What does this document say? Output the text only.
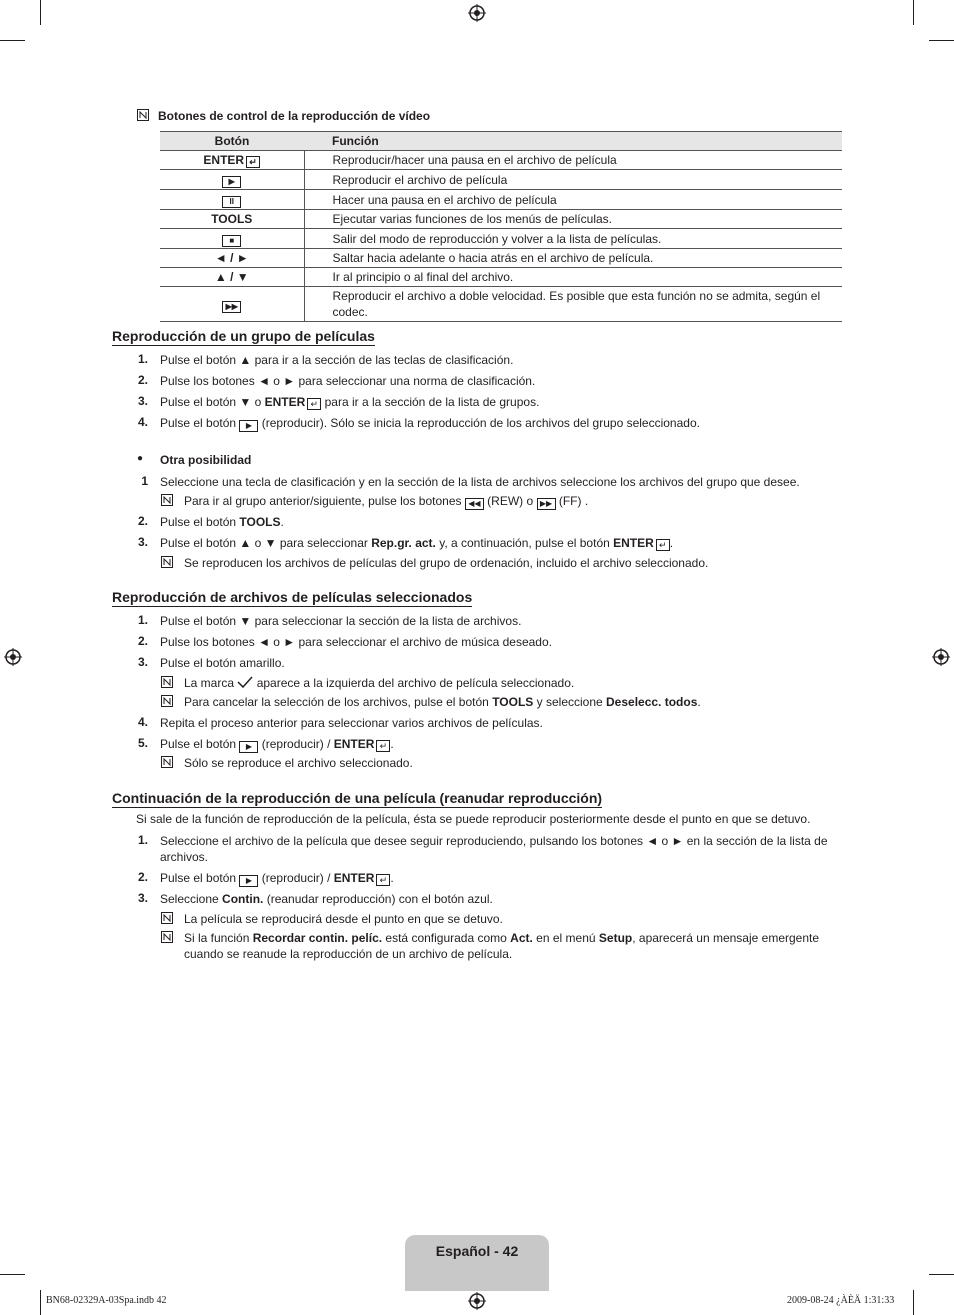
Botones de control de la reproducción de vídeo
Botón	Función
ENTER ↵	Reproducir/hacer una pausa en el archivo de película
▶	Reproducir el archivo de película
II	Hacer una pausa en el archivo de película
TOOLS	Ejecutar varias funciones de los menús de películas.
■	Salir del modo de reproducción y volver a la lista de películas.
◄ / ►	Saltar hacia adelante o hacia atrás en el archivo de película.
▲ / ▼	Ir al principio o al final del archivo.
▶▶	Reproducir el archivo a doble velocidad. Es posible que esta función no se admita, según el codec.
Reproducción de un grupo de películas
1. Pulse el botón ▲ para ir a la sección de las teclas de clasificación.
2. Pulse los botones ◄ o ► para seleccionar una norma de clasificación.
3. Pulse el botón ▼ o ENTER ↵ para ir a la sección de la lista de grupos.
4. Pulse el botón ▶ (reproducir). Sólo se inicia la reproducción de los archivos del grupo seleccionado.
● Otra posibilidad
1 Seleccione una tecla de clasificación y en la sección de la lista de archivos seleccione los archivos del grupo que desee.
Para ir al grupo anterior/siguiente, pulse los botones ◀◀ (REW) o ▶▶ (FF) .
2. Pulse el botón TOOLS.
3. Pulse el botón ▲ o ▼ para seleccionar Rep.gr. act. y, a continuación, pulse el botón ENTER ↵ .
Se reproducen los archivos de películas del grupo de ordenación, incluido el archivo seleccionado.
Reproducción de archivos de películas seleccionados
1. Pulse el botón ▼ para seleccionar la sección de la lista de archivos.
2. Pulse los botones ◄ o ► para seleccionar el archivo de música deseado.
3. Pulse el botón amarillo.
La marca  aparece a la izquierda del archivo de película seleccionado.
Para cancelar la selección de los archivos, pulse el botón TOOLS y seleccione Deselecc. todos.
4. Repita el proceso anterior para seleccionar varios archivos de películas.
5. Pulse el botón ▶ (reproducir) / ENTER ↵ .
Sólo se reproduce el archivo seleccionado.
Continuación de la reproducción de una película (reanudar reproducción)
Si sale de la función de reproducción de la película, ésta se puede reproducir posteriormente desde el punto en que se detuvo.
1. Seleccione el archivo de la película que desee seguir reproduciendo, pulsando los botones ◄ o ► en la sección de la lista de archivos.
2. Pulse el botón ▶ (reproducir) / ENTER ↵ .
3. Seleccione Contin. (reanudar reproducción) con el botón azul.
La película se reproducirá desde el punto en que se detuvo.
Si la función Recordar contin. pelíc. está configurada como Act. en el menú Setup, aparecerá un mensaje emergente cuando se reanude la reproducción de un archivo de película.
Español - 42
BN68-02329A-03Spa.indb 42	2009-08-24 ¿ÀÈÄ 1:31:33
